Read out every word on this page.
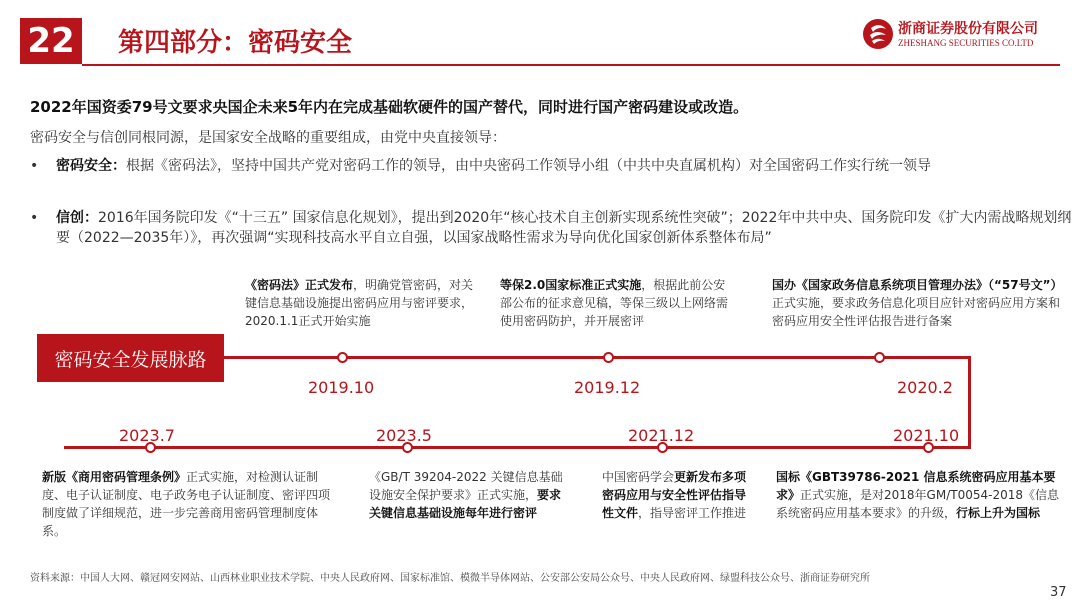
22 第四部分：密码安全	浙商证券股份有限公司
ZHESHANG SECURITIES CO.LTD
2022年国资委79号文要求央国企未来5年内在完成基础软硬件的国产替代，同时进行国产密码建设或改造。
密码安全与信创同根同源，是国家安全战略的重要组成，由党中央直接领导：
• 密码安全：根据《密码法》，坚持中国共产党对密码工作的领导，由中央密码工作领导小组（中共中央直属机构）对全国密码工作实行统一领导
• 信创：2016年国务院印发《“十三五” 国家信息化规划》，提出到2020年“核心技术自主创新实现系统性突破”；2022年中共中央、国务院印发《扩大内需战略规划纲要（2022—2035年）》，再次强调“实现科技高水平自立自强，以国家战略性需求为导向优化国家创新体系整体布局”
密码安全发展脉路
2019.10	2019.12	2020.2
2023.7	2023.5	2021.12	2021.10
《密码法》正式发布，明确党管密码，对关键信息基础设施提出密码应用与密评要求，2020.1.1正式开始实施
等保2.0国家标准正式实施，根据此前公安部公布的征求意见稿，等保三级以上网络需使用密码防护，并开展密评
国办《国家政务信息系统项目管理办法》（“57号文”）正式实施，要求政务信息化项目应针对密码应用方案和密码应用安全性评估报告进行备案
新版《商用密码管理条例》正式实施，对检测认证制度、电子认证制度、电子政务电子认证制度、密评四项制度做了详细规范，进一步完善商用密码管理制度体系。
《GB/T 39204-2022 关键信息基础设施安全保护要求》正式实施，要求关键信息基础设施每年进行密评
中国密码学会更新发布多项密码应用与安全性评估指导性文件，指导密评工作推进
国标《GBT39786-2021 信息系统密码应用基本要求》正式实施，是对2018年GM/T0054-2018《信息系统密码应用基本要求》的升级，行标上升为国标
资料来源：中国人大网、赣冠网安网站、山西林业职业技术学院、中央人民政府网、国家标准馆、模微半导体网站、公安部公安局公众号、中央人民政府网、绿盟科技公众号、浙商证券研究所
37
